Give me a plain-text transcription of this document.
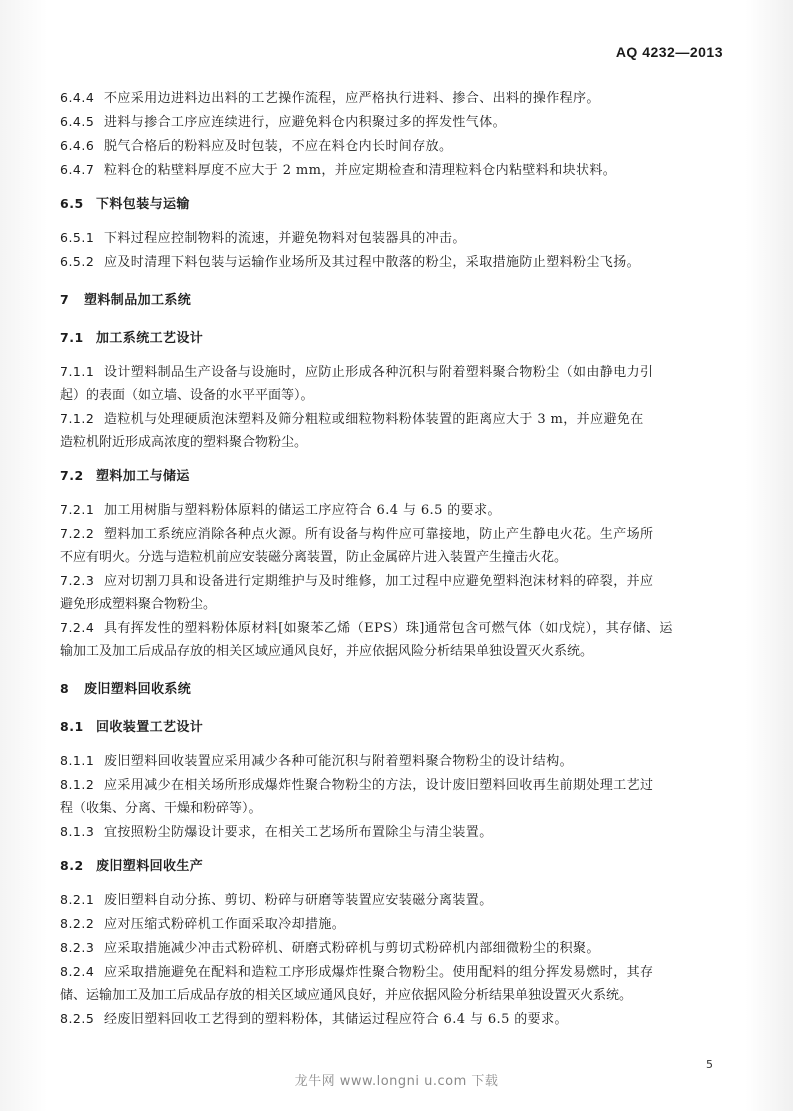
AQ 4232—2013
6.4.4 不应采用边进料边出料的工艺操作流程，应严格执行进料、掺合、出料的操作程序。
6.4.5 进料与掺合工序应连续进行，应避免料仓内积聚过多的挥发性气体。
6.4.6 脱气合格后的粉料应及时包装，不应在料仓内长时间存放。
6.4.7 粒料仓的粘壁料厚度不应大于 2 mm，并应定期检查和清理粒料仓内粘壁料和块状料。
6.5 下料包装与运输
6.5.1 下料过程应控制物料的流速，并避免物料对包装器具的冲击。
6.5.2 应及时清理下料包装与运输作业场所及其过程中散落的粉尘，采取措施防止塑料粉尘飞扬。
7 塑料制品加工系统
7.1 加工系统工艺设计
7.1.1 设计塑料制品生产设备与设施时，应防止形成各种沉积与附着塑料聚合物粉尘（如由静电力引
起）的表面（如立墙、设备的水平平面等）。
7.1.2 造粒机与处理硬质泡沫塑料及筛分粗粒或细粒物料粉体装置的距离应大于 3 m，并应避免在
造粒机附近形成高浓度的塑料聚合物粉尘。
7.2 塑料加工与储运
7.2.1 加工用树脂与塑料粉体原料的储运工序应符合 6.4 与 6.5 的要求。
7.2.2 塑料加工系统应消除各种点火源。所有设备与构件应可靠接地，防止产生静电火花。生产场所
不应有明火。分选与造粒机前应安装磁分离装置，防止金属碎片进入装置产生撞击火花。
7.2.3 应对切割刀具和设备进行定期维护与及时维修，加工过程中应避免塑料泡沫材料的碎裂，并应
避免形成塑料聚合物粉尘。
7.2.4 具有挥发性的塑料粉体原材料[如聚苯乙烯（EPS）珠]通常包含可燃气体（如戊烷），其存储、运
输加工及加工后成品存放的相关区域应通风良好，并应依据风险分析结果单独设置灭火系统。
8 废旧塑料回收系统
8.1 回收装置工艺设计
8.1.1 废旧塑料回收装置应采用减少各种可能沉积与附着塑料聚合物粉尘的设计结构。
8.1.2 应采用减少在相关场所形成爆炸性聚合物粉尘的方法，设计废旧塑料回收再生前期处理工艺过
程（收集、分离、干燥和粉碎等）。
8.1.3 宜按照粉尘防爆设计要求，在相关工艺场所布置除尘与清尘装置。
8.2 废旧塑料回收生产
8.2.1 废旧塑料自动分拣、剪切、粉碎与研磨等装置应安装磁分离装置。
8.2.2 应对压缩式粉碎机工作面采取冷却措施。
8.2.3 应采取措施减少冲击式粉碎机、研磨式粉碎机与剪切式粉碎机内部细微粉尘的积聚。
8.2.4 应采取措施避免在配料和造粒工序形成爆炸性聚合物粉尘。使用配料的组分挥发易燃时，其存
储、运输加工及加工后成品存放的相关区域应通风良好，并应依据风险分析结果单独设置灭火系统。
8.2.5 经废旧塑料回收工艺得到的塑料粉体，其储运过程应符合 6.4 与 6.5 的要求。
5
龙牛网 www.longni u.com 下载
